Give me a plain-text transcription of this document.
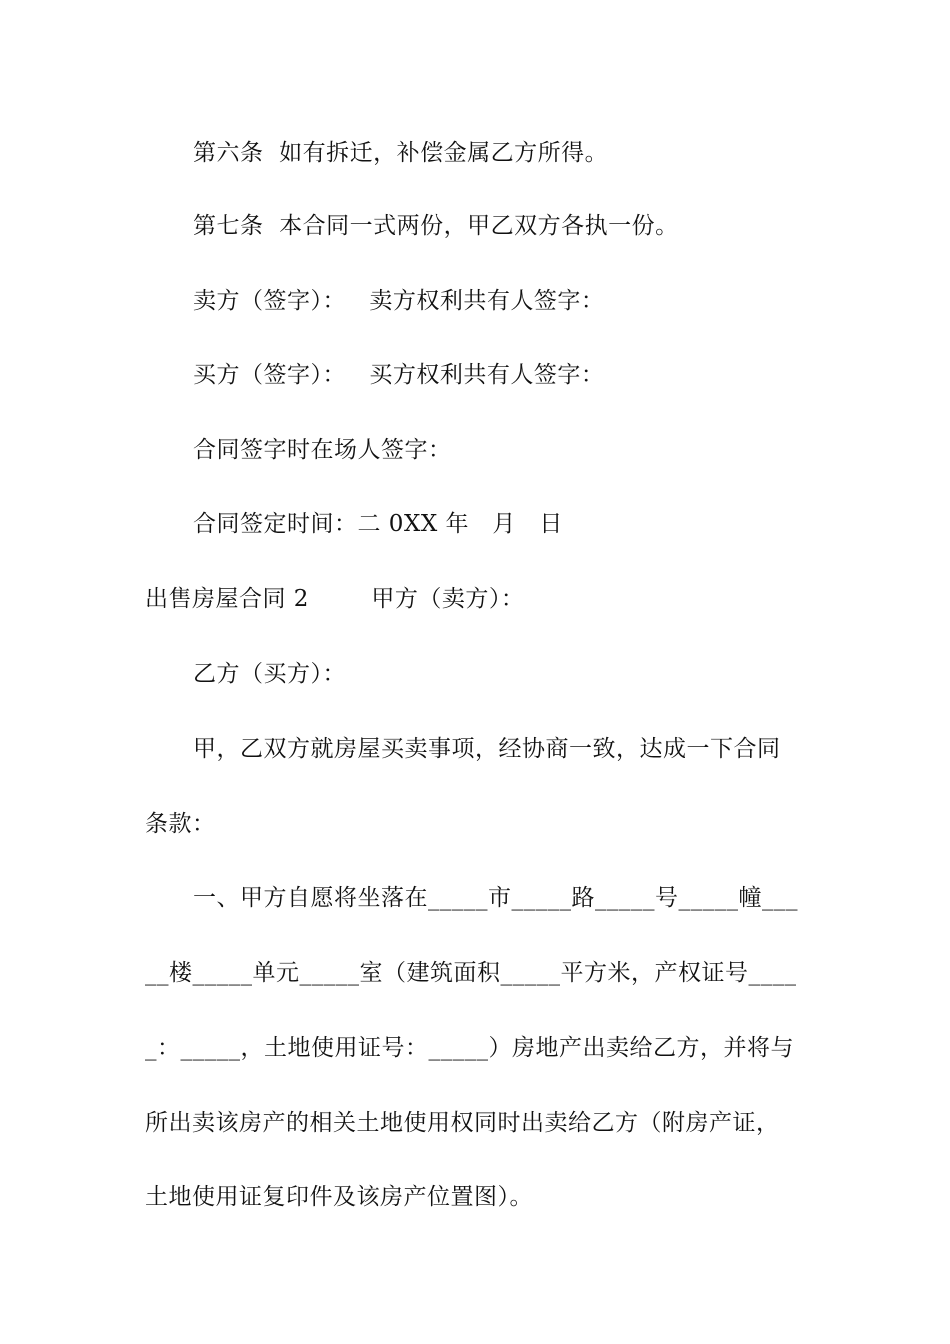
第六条  如有拆迁，补偿金属乙方所得。
第七条  本合同一式两份，甲乙双方各执一份。
卖方（签字）：   卖方权利共有人签字：
买方（签字）：   买方权利共有人签字：
合同签字时在场人签字：
合同签定时间：二 0XX 年   月   日
出售房屋合同 2        甲方（卖方）：
乙方（买方）：
甲，乙双方就房屋买卖事项，经协商一致，达成一下合同
条款：
一、甲方自愿将坐落在_____市_____路_____号_____幢___
__楼_____单元_____室（建筑面积_____平方米，产权证号____
_：_____，土地使用证号：_____）房地产出卖给乙方，并将与
所出卖该房产的相关土地使用权同时出卖给乙方（附房产证，
土地使用证复印件及该房产位置图）。
